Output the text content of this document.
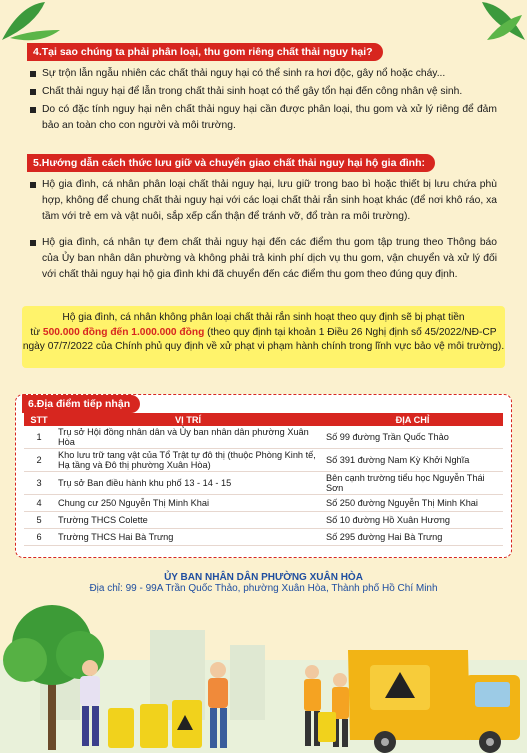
4.Tại sao chúng ta phải phân loại, thu gom riêng chất thải nguy hại?
Sự trộn lẫn ngẫu nhiên các chất thải nguy hại có thể sinh ra hơi độc, gây nổ hoặc cháy...
Chất thải nguy hại để lẫn trong chất thải sinh hoạt có thể gây tổn hại đến công nhân vệ sinh.
Do có đặc tính nguy hại nên chất thải nguy hại cần được phân loại, thu gom và xử lý riêng để đảm bảo an toàn cho con người và môi trường.
5.Hướng dẫn cách thức lưu giữ và chuyển giao chất thải nguy hại hộ gia đình:
Hộ gia đình, cá nhân phân loại chất thải nguy hại, lưu giữ trong bao bì hoặc thiết bị lưu chứa phù hợp, không để chung chất thải nguy hại với các loại chất thải rắn sinh hoạt khác (để nơi khô ráo, xa tầm với trẻ em và vật nuôi, sắp xếp cẩn thận để tránh vỡ, đổ tràn ra môi trường).
Hộ gia đình, cá nhân tự đem chất thải nguy hại đến các điểm thu gom tập trung theo Thông báo của Ủy ban nhân dân phường và không phải trả kinh phí dịch vụ thu gom, vận chuyển và xử lý đối với chất thải nguy hại hộ gia đình khi đã chuyển đến các điểm thu gom theo đúng quy định.
Hộ gia đình, cá nhân không phân loại chất thải rắn sinh hoạt theo quy định sẽ bị phạt tiền
từ 500.000 đồng đến 1.000.000 đồng (theo quy định tại khoản 1 Điều 26 Nghị định số 45/2022/NĐ-CP ngày 07/7/2022 của Chính phủ quy định về xử phạt vi phạm hành chính trong lĩnh vực bảo vệ môi trường).
6.Địa điểm tiếp nhận
STT	VỊ TRÍ	ĐỊA CHỈ
1	Trụ sở Hội đồng nhân dân và Ủy ban nhân dân phường Xuân Hòa	Số 99 đường Trần Quốc Thảo
2	Kho lưu trữ tang vật của Tổ Trật tự đô thị (thuộc Phòng Kinh tế, Hạ tầng và Đô thị phường Xuân Hòa)	Số 391 đường Nam Kỳ Khởi Nghĩa
3	Trụ sở Ban điều hành khu phố 13 - 14 - 15	Bên cạnh trường tiểu học Nguyễn Thái Sơn
4	Chung cư 250 Nguyễn Thị Minh Khai	Số 250 đường Nguyễn Thị Minh Khai
5	Trường THCS Colette	Số 10 đường Hồ Xuân Hương
6	Trường THCS Hai Bà Trưng	Số 295 đường Hai Bà Trưng
ỦY BAN NHÂN DÂN PHƯỜNG XUÂN HÒA
Địa chỉ: 99 - 99A Trần Quốc Thảo, phường Xuân Hòa, Thành phố Hồ Chí Minh
